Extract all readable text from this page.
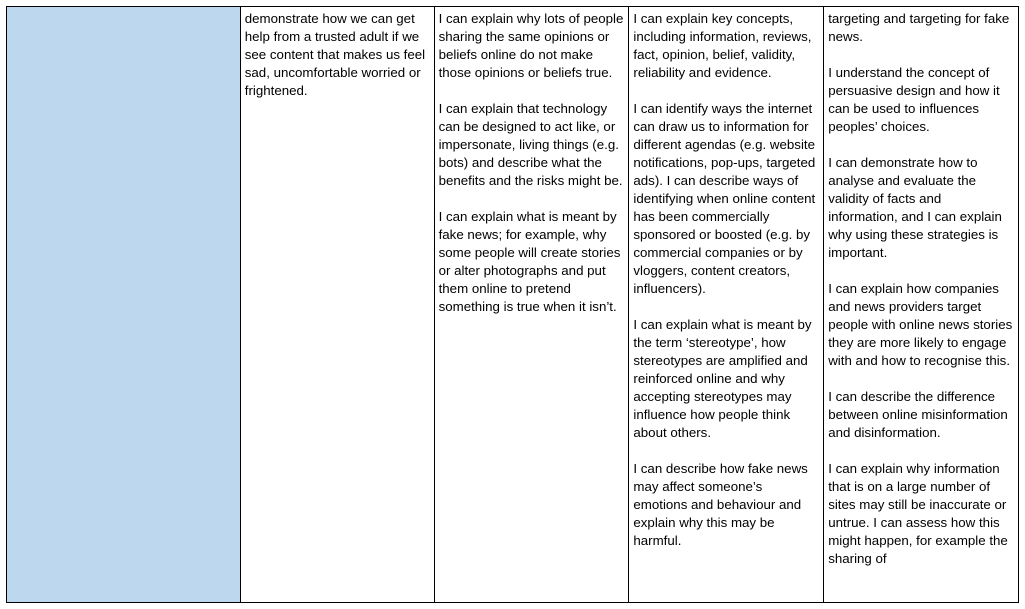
demonstrate how we can get help from a trusted adult if we see content that makes us feel sad, uncomfortable worried or frightened.

I can explain why lots of people sharing the same opinions or beliefs online do not make those opinions or beliefs true.

I can explain that technology can be designed to act like, or impersonate, living things (e.g. bots) and describe what the benefits and the risks might be.

I can explain what is meant by fake news; for example, why some people will create stories or alter photographs and put them online to pretend something is true when it isn’t.

I can explain key concepts, including information, reviews, fact, opinion, belief, validity, reliability and evidence.

I can identify ways the internet can draw us to information for different agendas (e.g. website notifications, pop-ups, targeted ads). I can describe ways of identifying when online content has been commercially sponsored or boosted (e.g. by commercial companies or by vloggers, content creators, influencers).

I can explain what is meant by the term ‘stereotype’, how stereotypes are amplified and reinforced online and why accepting stereotypes may influence how people think about others.

I can describe how fake news may affect someone’s emotions and behaviour and explain why this may be harmful.

targeting and targeting for fake news.

I understand the concept of persuasive design and how it can be used to influences peoples’ choices.

I can demonstrate how to analyse and evaluate the validity of facts and information, and I can explain why using these strategies is important.

I can explain how companies and news providers target people with online news stories they are more likely to engage with and how to recognise this.

I can describe the difference between online misinformation and disinformation.

I can explain why information that is on a large number of sites may still be inaccurate or untrue. I can assess how this might happen, for example the sharing of
